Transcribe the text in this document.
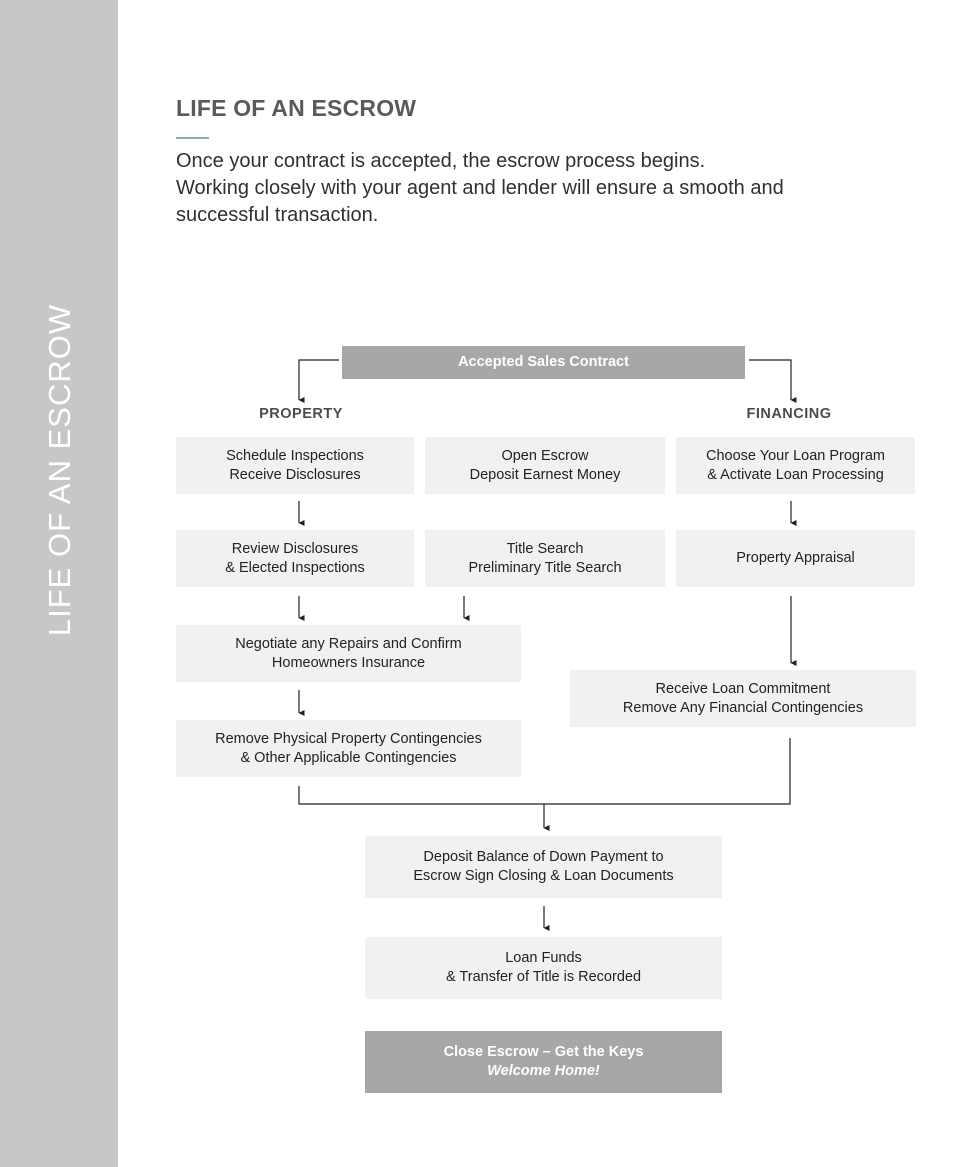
LIFE OF AN ESCROW
LIFE OF AN ESCROW
Once your contract is accepted, the escrow process begins.
Working closely with your agent and lender will ensure a smooth and
successful transaction.
Accepted Sales Contract
PROPERTY	FINANCING
Schedule Inspections
Receive Disclosures
Open Escrow
Deposit Earnest Money
Choose Your Loan Program
& Activate Loan Processing
Review Disclosures
& Elected Inspections
Title Search
Preliminary Title Search
Property Appraisal
Negotiate any Repairs and Confirm
Homeowners Insurance
Receive Loan Commitment
Remove Any Financial Contingencies
Remove Physical Property Contingencies
& Other Applicable Contingencies
Deposit Balance of Down Payment to
Escrow Sign Closing & Loan Documents
Loan Funds
& Transfer of Title is Recorded
Close Escrow – Get the Keys
Welcome Home!
